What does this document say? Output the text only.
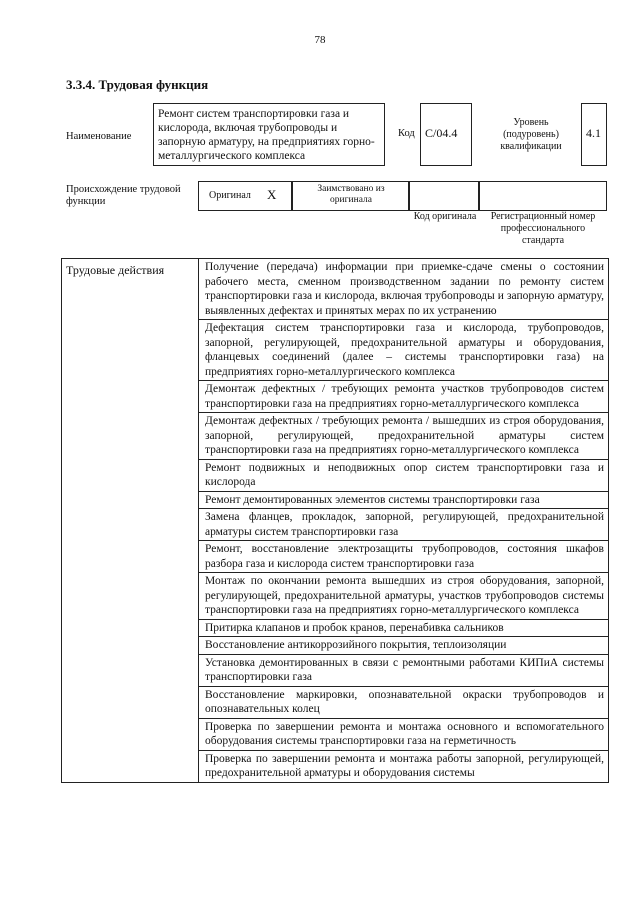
78
3.3.4. Трудовая функция
Наименование
Ремонт систем транспортировки газа и кислорода, включая трубопроводы и запорную арматуру, на предприятиях горно-металлургического комплекса
Код С/04.4
Уровень (подуровень) квалификации
4.1
Происхождение трудовой функции
Оригинал Х	Заимствовано из оригинала
Код оригинала	Регистрационный номер профессионального стандарта
Трудовые действия	Получение (передача) информации при приемке-сдаче смены о состоянии рабочего места, сменном производственном задании по ремонту систем транспортировки газа и кислорода, включая трубопроводы и запорную арматуру, выявленных дефектах и принятых мерах по их устранению
Дефектация систем транспортировки газа и кислорода, трубопроводов, запорной, регулирующей, предохранительной арматуры и оборудования, фланцевых соединений (далее – системы транспортировки газа) на предприятиях горно-металлургического комплекса
Демонтаж дефектных / требующих ремонта участков трубопроводов систем транспортировки газа на предприятиях горно-металлургического комплекса
Демонтаж дефектных / требующих ремонта / вышедших из строя оборудования, запорной, регулирующей, предохранительной арматуры систем транспортировки газа на предприятиях горно-металлургического комплекса
Ремонт подвижных и неподвижных опор систем транспортировки газа и кислорода
Ремонт демонтированных элементов системы транспортировки газа
Замена фланцев, прокладок, запорной, регулирующей, предохранительной арматуры систем транспортировки газа
Ремонт, восстановление электрозащиты трубопроводов, состояния шкафов разбора газа и кислорода систем транспортировки газа
Монтаж по окончании ремонта вышедших из строя оборудования, запорной, регулирующей, предохранительной арматуры, участков трубопроводов системы транспортировки газа на предприятиях горно-металлургического комплекса
Притирка клапанов и пробок кранов, перенабивка сальников
Восстановление антикоррозийного покрытия, теплоизоляции
Установка демонтированных в связи с ремонтными работами КИПиА системы транспортировки газа
Восстановление маркировки, опознавательной окраски трубопроводов и опознавательных колец
Проверка по завершении ремонта и монтажа основного и вспомогательного оборудования системы транспортировки газа на герметичность
Проверка по завершении ремонта и монтажа работы запорной, регулирующей, предохранительной арматуры и оборудования системы
